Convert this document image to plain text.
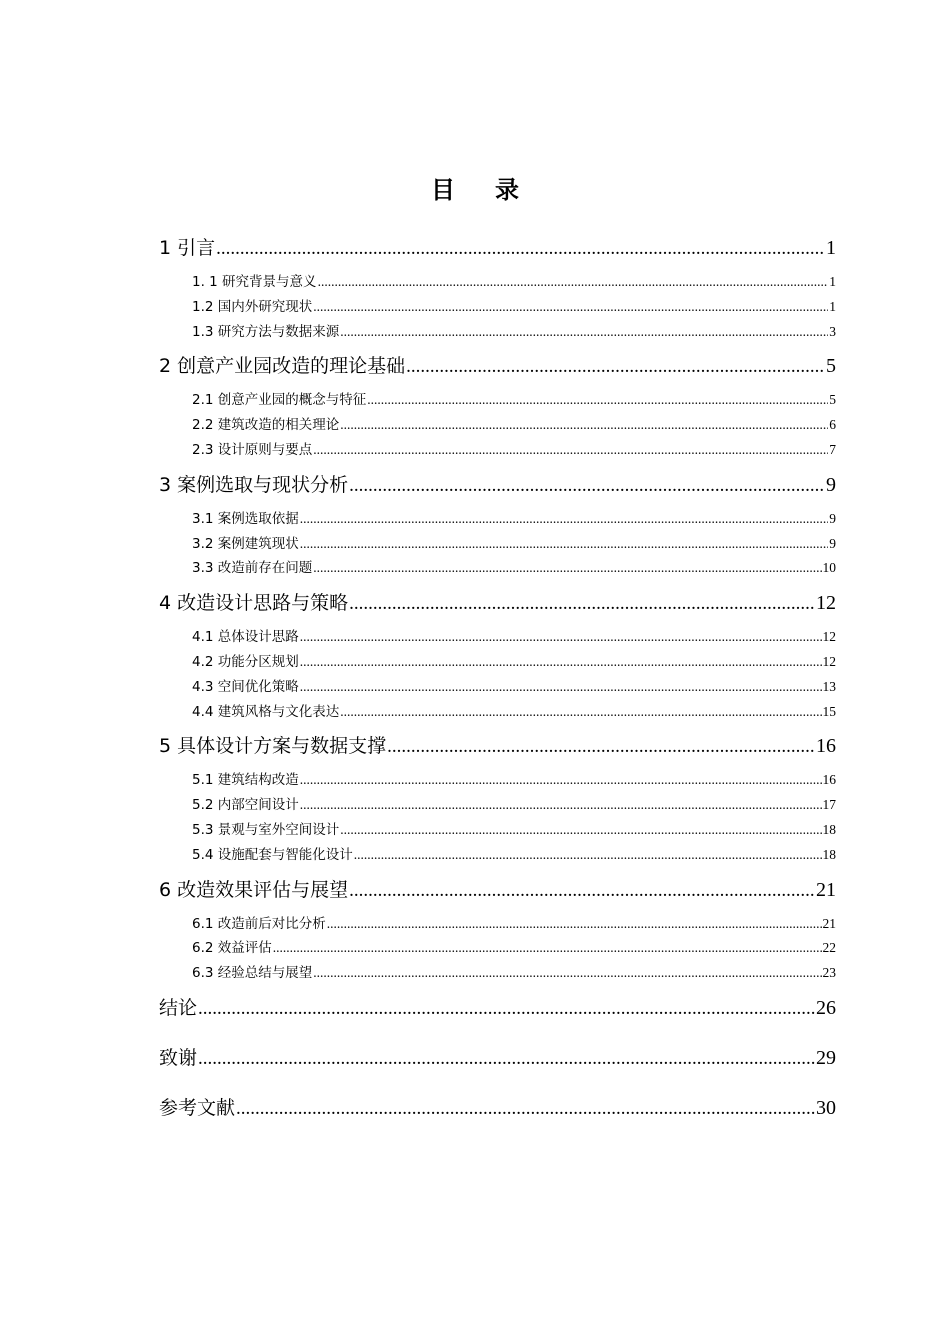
目 录
1 引言 .....	1
1. 1 研究背景与意义 .....	1
1.2 国内外研究现状 .....	1
1.3 研究方法与数据来源 .....	3
2 创意产业园改造的理论基础 .....	5
2.1 创意产业园的概念与特征 .....	5
2.2 建筑改造的相关理论 .....	6
2.3 设计原则与要点 .....	7
3 案例选取与现状分析 .....	9
3.1 案例选取依据 .....	9
3.2 案例建筑现状 .....	9
3.3 改造前存在问题 .....	10
4 改造设计思路与策略 .....	12
4.1 总体设计思路 .....	12
4.2 功能分区规划 .....	12
4.3 空间优化策略 .....	13
4.4 建筑风格与文化表达 .....	15
5 具体设计方案与数据支撑 .....	16
5.1 建筑结构改造 .....	16
5.2 内部空间设计 .....	17
5.3 景观与室外空间设计 .....	18
5.4 设施配套与智能化设计 .....	18
6 改造效果评估与展望 .....	21
6.1 改造前后对比分析 .....	21
6.2 效益评估 .....	22
6.3 经验总结与展望 .....	23
结论 .....	26
致谢 .....	29
参考文献 .....	30
